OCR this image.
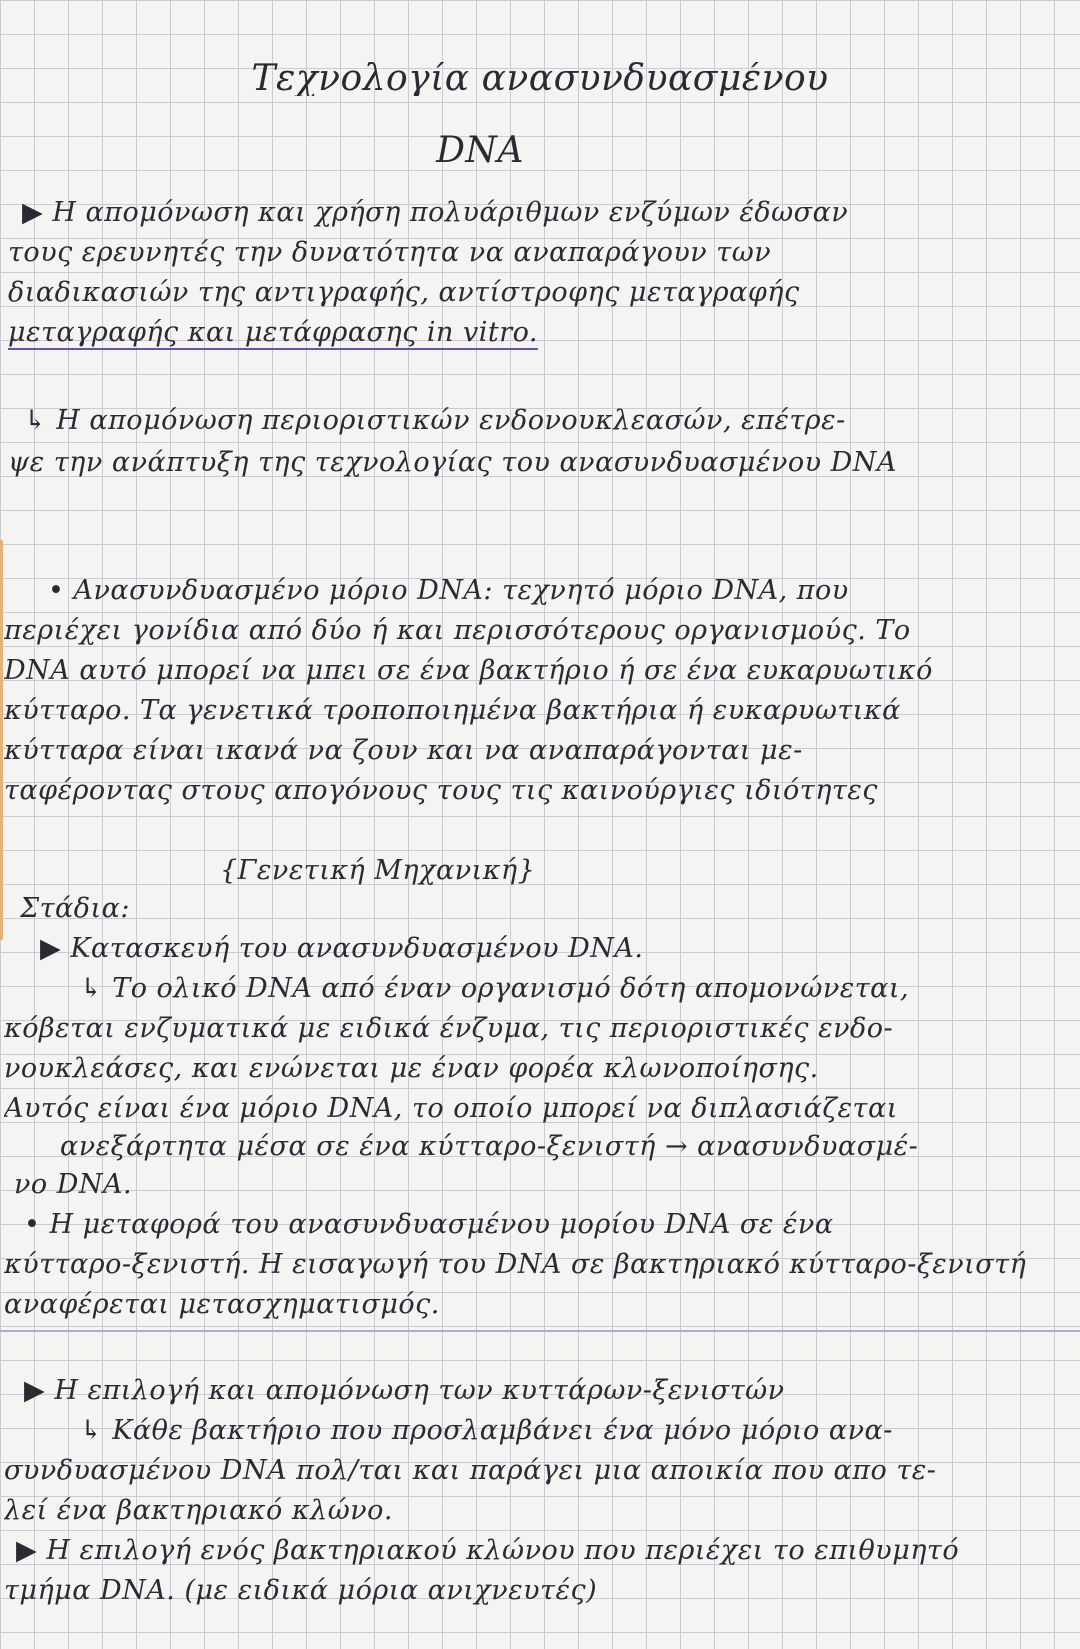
Τεχνολογία ανασυνδυασμένου

DNA

▶ Η απομόνωση και χρήση πολυάριθμων ενζύμων έδωσαν

τους ερευνητές την δυνατότητα να αναπαράγουν των

διαδικασιών της αντιγραφής, αντίστροφης μεταγραφής

μεταγραφής και μετάφρασης in vitro.

↳ Η απομόνωση περιοριστικών ενδονουκλεασών, επέτρε-

ψε την ανάπτυξη της τεχνολογίας του ανασυνδυασμένου DNA

• Ανασυνδυασμένο μόριο DNA: τεχνητό μόριο DNA, που

περιέχει γονίδια από δύο ή και περισσότερους οργανισμούς. Το

DNA αυτό μπορεί να μπει σε ένα βακτήριο ή σε ένα ευκαρυωτικό

κύτταρο. Τα γενετικά τροποποιημένα βακτήρια ή ευκαρυωτικά

κύτταρα είναι ικανά να ζουν και να αναπαράγονται με-

ταφέροντας στους απογόνους τους τις καινούργιες ιδιότητες

{Γενετική Μηχανική}

Στάδια:

▶ Κατασκευή του ανασυνδυασμένου DNA.

↳ Το ολικό DNA από έναν οργανισμό δότη απομονώνεται,

κόβεται ενζυματικά με ειδικά ένζυμα, τις περιοριστικές ενδο-

νουκλεάσες, και ενώνεται με έναν φορέα κλωνοποίησης.

Αυτός είναι ένα μόριο DNA, το οποίο μπορεί να διπλασιάζεται

ανεξάρτητα μέσα σε ένα κύτταρο-ξενιστή → ανασυνδυασμέ-

νο DNA.

• Η μεταφορά του ανασυνδυασμένου μορίου DNA σε ένα

κύτταρο-ξενιστή. Η εισαγωγή του DNA σε βακτηριακό κύτταρο-ξενιστή

αναφέρεται μετασχηματισμός.

▶ Η επιλογή και απομόνωση των κυττάρων-ξενιστών

↳ Κάθε βακτήριο που προσλαμβάνει ένα μόνο μόριο ανα-

συνδυασμένου DNA πολ/ται και παράγει μια αποικία που απο τε-

λεί ένα βακτηριακό κλώνο.

▶ Η επιλογή ενός βακτηριακού κλώνου που περιέχει το επιθυμητό

τμήμα DNA. (με ειδικά μόρια ανιχνευτές)
